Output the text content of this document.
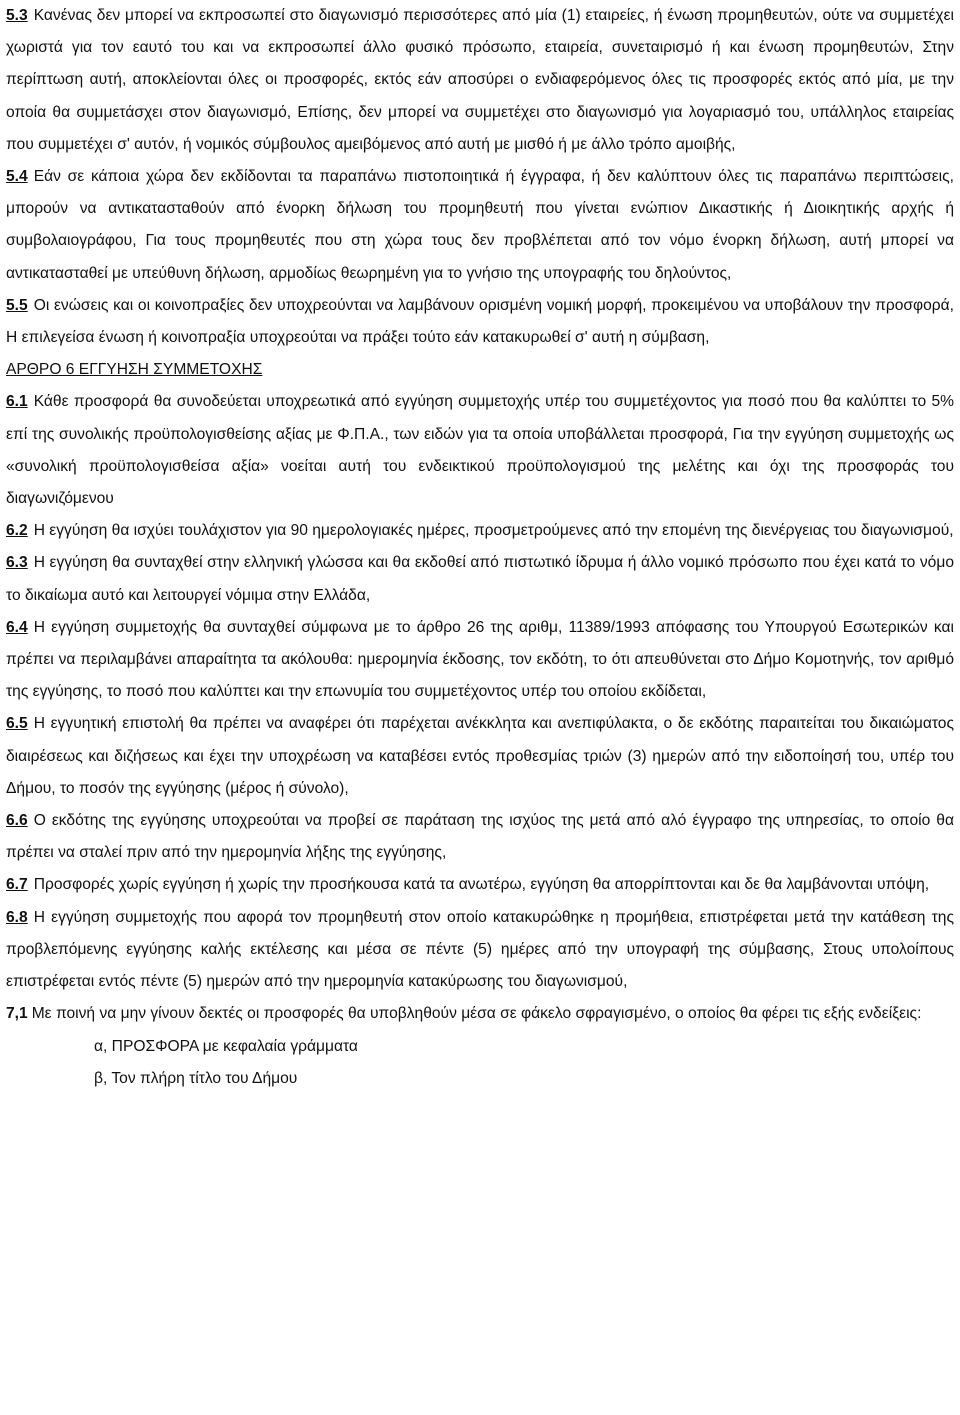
5.3 Κανένας δεν μπορεί να εκπροσωπεί στο διαγωνισμό περισσότερες από μία (1) εταιρείες, ή ένωση προμηθευτών, ούτε να συμμετέχει χωριστά για τον εαυτό του και να εκπροσωπεί άλλο φυσικό πρόσωπο, εταιρεία, συνεταιρισμό ή και ένωση προμηθευτών, Στην περίπτωση αυτή, αποκλείονται όλες οι προσφορές, εκτός εάν αποσύρει ο ενδιαφερόμενος όλες τις προσφορές εκτός από μία, με την οποία θα συμμετάσχει στον διαγωνισμό, Επίσης, δεν μπορεί να συμμετέχει στο διαγωνισμό για λογαριασμό του, υπάλληλος εταιρείας που συμμετέχει σ' αυτόν, ή νομικός σύμβουλος αμειβόμενος από αυτή με μισθό ή με άλλο τρόπο αμοιβής,

5.4 Εάν σε κάποια χώρα δεν εκδίδονται τα παραπάνω πιστοποιητικά ή έγγραφα, ή δεν καλύπτουν όλες τις παραπάνω περιπτώσεις, μπορούν να αντικατασταθούν από ένορκη δήλωση του προμηθευτή που γίνεται ενώπιον Δικαστικής ή Διοικητικής αρχής ή συμβολαιογράφου, Για τους προμηθευτές που στη χώρα τους δεν προβλέπεται από τον νόμο ένορκη δήλωση, αυτή μπορεί να αντικατασταθεί με υπεύθυνη δήλωση, αρμοδίως θεωρημένη για το γνήσιο της υπογραφής του δηλούντος,

5.5 Οι ενώσεις και οι κοινοπραξίες δεν υποχρεούνται να λαμβάνουν ορισμένη νομική μορφή, προκειμένου να υποβάλουν την προσφορά, Η επιλεγείσα ένωση ή κοινοπραξία υποχρεούται να πράξει τούτο εάν κατακυρωθεί σ' αυτή η σύμβαση,

ΑΡΘΡΟ 6 ΕΓΓΥΗΣΗ ΣΥΜΜΕΤΟΧΗΣ

6.1 Κάθε προσφορά θα συνοδεύεται υποχρεωτικά από εγγύηση συμμετοχής υπέρ του συμμετέχοντος για ποσό που θα καλύπτει το 5% επί της συνολικής προϋπολογισθείσης αξίας με Φ.Π.Α., των ειδών για τα οποία υποβάλλεται προσφορά, Για την εγγύηση συμμετοχής ως «συνολική προϋπολογισθείσα αξία» νοείται αυτή του ενδεικτικού προϋπολογισμού της μελέτης και όχι της προσφοράς του διαγωνιζόμενου

6.2 Η εγγύηση θα ισχύει τουλάχιστον για 90 ημερολογιακές ημέρες, προσμετρούμενες από την επομένη της διενέργειας του διαγωνισμού,

6.3 Η εγγύηση θα συνταχθεί στην ελληνική γλώσσα και θα εκδοθεί από πιστωτικό ίδρυμα ή άλλο νομικό πρόσωπο που έχει κατά το νόμο το δικαίωμα αυτό και λειτουργεί νόμιμα στην Ελλάδα,

6.4 Η εγγύηση συμμετοχής θα συνταχθεί σύμφωνα με το άρθρο 26 της αριθμ, 11389/1993 απόφασης του Υπουργού Εσωτερικών και πρέπει να περιλαμβάνει απαραίτητα τα ακόλουθα: ημερομηνία έκδοσης, τον εκδότη, το ότι απευθύνεται στο Δήμο Κομοτηνής, τον αριθμό της εγγύησης, το ποσό που καλύπτει και την επωνυμία του συμμετέχοντος υπέρ του οποίου εκδίδεται,

6.5 Η εγγυητική επιστολή θα πρέπει να αναφέρει ότι παρέχεται ανέκκλητα και ανεπιφύλακτα, ο δε εκδότης παραιτείται του δικαιώματος διαιρέσεως και διζήσεως και έχει την υποχρέωση να καταβέσει εντός προθεσμίας τριών (3) ημερών από την ειδοποίησή του, υπέρ του Δήμου, το ποσόν της εγγύησης (μέρος ή σύνολο),

6.6 Ο εκδότης της εγγύησης υποχρεούται να προβεί σε παράταση της ισχύος της μετά από αλό έγγραφο της υπηρεσίας, το οποίο θα πρέπει να σταλεί πριν από την ημερομηνία λήξης της εγγύησης,

6.7 Προσφορές χωρίς εγγύηση ή χωρίς την προσήκουσα κατά τα ανωτέρω, εγγύηση θα απορρίπτονται και δε θα λαμβάνονται υπόψη,

6.8 Η εγγύηση συμμετοχής που αφορά τον προμηθευτή στον οποίο κατακυρώθηκε η προμήθεια, επιστρέφεται μετά την κατάθεση της προβλεπόμενης εγγύησης καλής εκτέλεσης και μέσα σε πέντε (5) ημέρες από την υπογραφή της σύμβασης, Στους υπολοίπους επιστρέφεται εντός πέντε (5) ημερών από την ημερομηνία κατακύρωσης του διαγωνισμού,

7,1 Με ποινή να μην γίνουν δεκτές οι προσφορές θα υποβληθούν μέσα σε φάκελο σφραγισμένο, ο οποίος θα φέρει τις εξής ενδείξεις:

α, ΠΡΟΣΦΟΡΑ με κεφαλαία γράμματα

β, Τον πλήρη τίτλο του Δήμου
